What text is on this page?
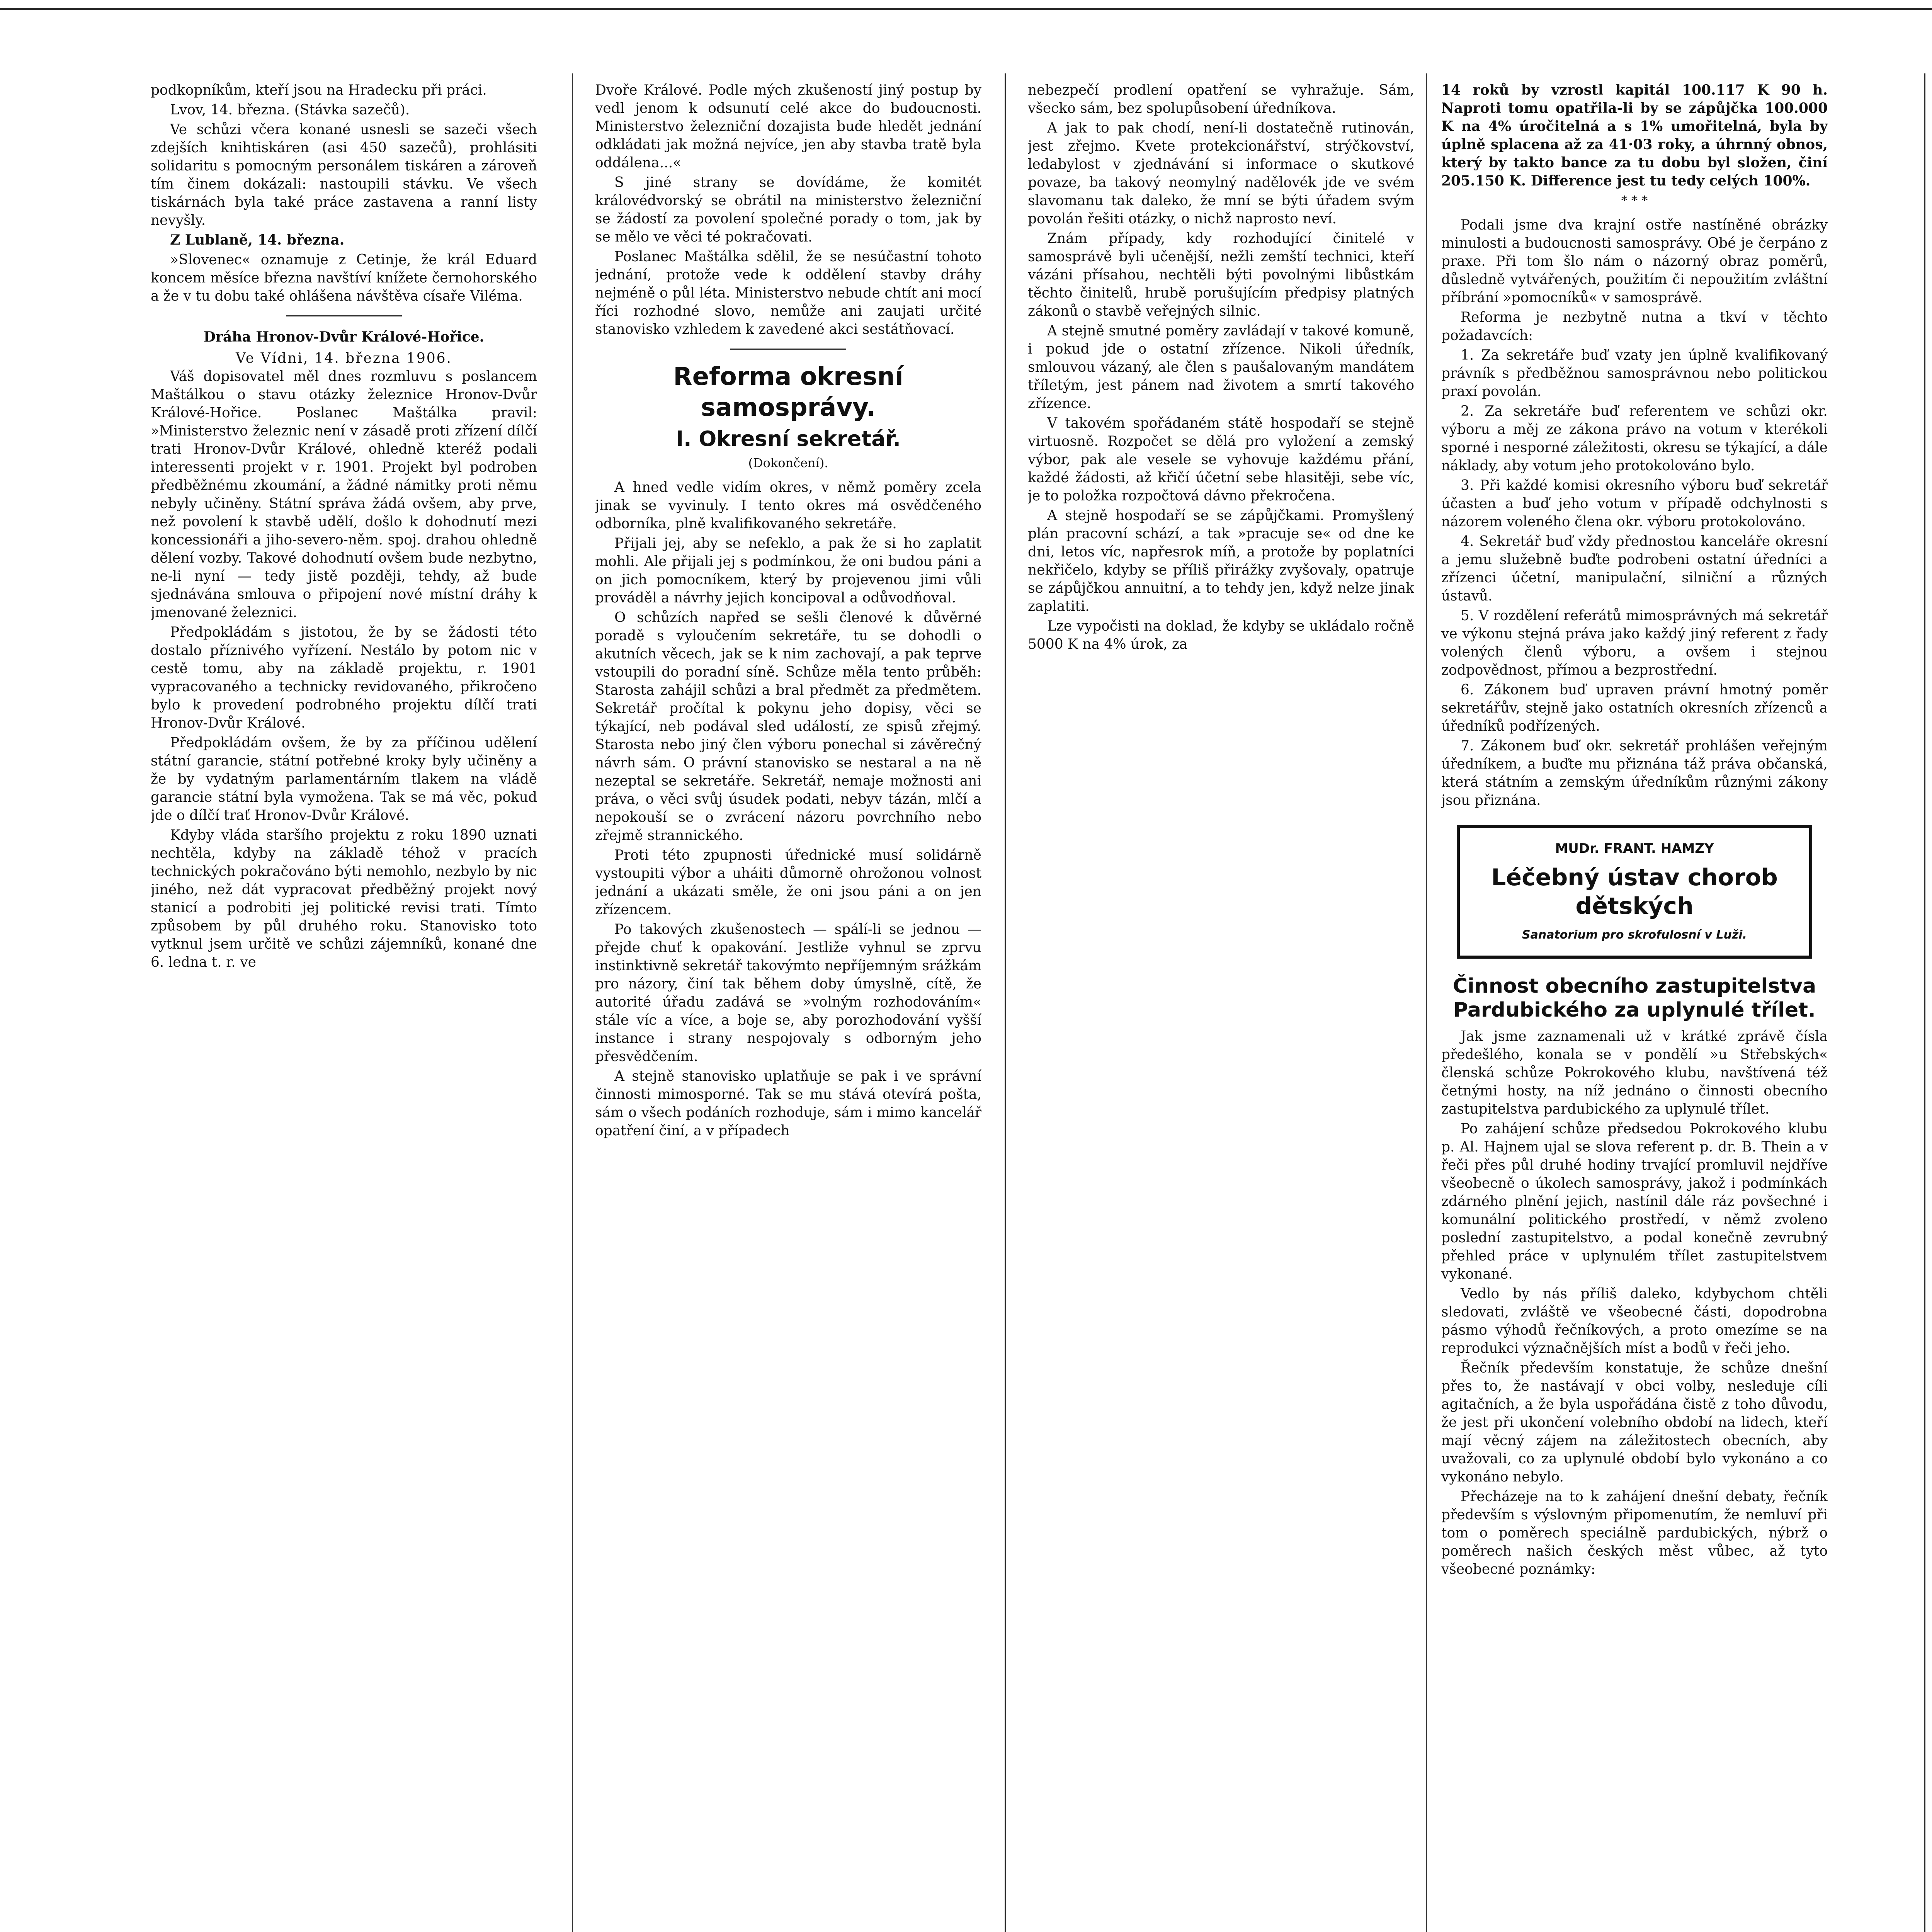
podkopníkům, kteří jsou na Hradecku při práci.

Lvov, 14. března. (Stávka sazečů).

Ve schůzi včera konané usnesli se sazeči všech zdejších knihtiskáren (asi 450 sazečů), prohlásiti solidaritu s pomocným personálem tiskáren a zároveň tím činem dokázali: nastoupili stávku. Ve všech tiskárnách byla také práce zastavena a ranní listy nevyšly.

Z Lublaně, 14. března.

»Slovenec« oznamuje z Cetinje, že král Eduard koncem měsíce března navštíví knížete černohorského a že v tu dobu také ohlášena návštěva císaře Viléma.

Dráha Hronov-Dvůr Králové-Hořice.
Ve Vídni, 14. března 1906.

Váš dopisovatel měl dnes rozmluvu s poslancem Maštálkou o stavu otázky železnice Hronov-Dvůr Králové-Hořice. Poslanec Maštálka pravil: »Ministerstvo železnic není v zásadě proti zřízení dílčí trati Hronov-Dvůr Králové, ohledně kteréž podali interessenti projekt v r. 1901. Projekt byl podroben předběžnému zkoumání, a žádné námitky proti němu nebyly učiněny. Státní správa žádá ovšem, aby prve, než povolení k stavbě udělí, došlo k dohodnutí mezi koncessionáři a jiho-severo-něm. spoj. drahou ohledně dělení vozby. Takové dohodnutí ovšem bude nezbytno, ne-li nyní — tedy jistě později, tehdy, až bude sjednávána smlouva o připojení nové místní dráhy k jmenované železnici.

Předpokládám s jistotou, že by se žádosti této dostalo příznivého vyřízení. Nestálo by potom nic v cestě tomu, aby na základě projektu, r. 1901 vypracovaného a technicky revidovaného, přikročeno bylo k provedení podrobného projektu dílčí trati Hronov-Dvůr Králové.

Předpokládám ovšem, že by za příčinou udělení státní garancie, státní potřebné kroky byly učiněny a že by vydatným parlamentárním tlakem na vládě garancie státní byla vymožena. Tak se má věc, pokud jde o dílčí trať Hronov-Dvůr Králové.

Kdyby vláda staršího projektu z roku 1890 uznati nechtěla, kdyby na základě téhož v pracích technických pokračováno býti nemohlo, nezbylo by nic jiného, než dát vypracovat předběžný projekt nový stanicí a podrobiti jej politické revisi trati. Tímto způsobem by půl druhého roku. Stanovisko toto vytknul jsem určitě ve schůzi zájemníků, konané dne 6. ledna t. r. ve

Dvoře Králové. Podle mých zkušeností jiný postup by vedl jenom k odsunutí celé akce do budoucnosti. Ministerstvo železniční dozajista bude hledět jednání odkládati jak možná nejvíce, jen aby stavba tratě byla oddálena...«

S jiné strany se dovídáme, že komitét královédvorský se obrátil na ministerstvo železniční se žádostí za povolení společné porady o tom, jak by se mělo ve věci té pokračovati.

Poslanec Maštálka sdělil, že se nesúčastní tohoto jednání, protože vede k oddělení stavby dráhy nejméně o půl léta. Ministerstvo nebude chtít ani mocí říci rozhodné slovo, nemůže ani zaujati určité stanovisko vzhledem k zavedené akci sestátňovací.

Reforma okresní samosprávy.
I. Okresní sekretář.
(Dokončení).

A hned vedle vidím okres, v němž poměry zcela jinak se vyvinuly. I tento okres má osvědčeného odborníka, plně kvalifikovaného sekretáře.

Přijali jej, aby se nefeklo, a pak že si ho zaplatit mohli. Ale přijali jej s podmínkou, že oni budou páni a on jich pomocníkem, který by projevenou jimi vůli prováděl a návrhy jejich koncipoval a odůvodňoval.

O schůzích napřed se sešli členové k důvěrné poradě s vyloučením sekretáře, tu se dohodli o akutních věcech, jak se k nim zachovají, a pak teprve vstoupili do poradní síně. Schůze měla tento průběh: Starosta zahájil schůzi a bral předmět za předmětem. Sekretář pročítal k pokynu jeho dopisy, věci se týkající, neb podával sled událostí, ze spisů zřejmý. Starosta nebo jiný člen výboru ponechal si závěrečný návrh sám. O právní stanovisko se nestaral a na ně nezeptal se sekretáře. Sekretář, nemaje možnosti ani práva, o věci svůj úsudek podati, nebyv tázán, mlčí a nepokouší se o zvrácení názoru povrchního nebo zřejmě strannického.

Proti této zpupnosti úřednické musí solidárně vystoupiti výbor a uháiti důmorně ohrožonou volnost jednání a ukázati směle, že oni jsou páni a on jen zřízencem.

Po takových zkušenostech — spálí-li se jednou — přejde chuť k opakování. Jestliže vyhnul se zprvu instinktivně sekretář takovýmto nepříjemným srážkám pro názory, činí tak během doby úmyslně, cítě, že autorité úřadu zadává se »volným rozhodováním« stále víc a více, a boje se, aby porozhodování vyšší instance i strany nespojovaly s odborným jeho přesvědčením.

A stejně stanovisko uplatňuje se pak i ve správní činnosti mimosporné. Tak se mu stává otevírá pošta, sám o všech podáních rozhoduje, sám i mimo kancelář opatření činí, a v případech

nebezpečí prodlení opatření se vyhražuje. Sám, všecko sám, bez spolupůsobení úředníkova.

A jak to pak chodí, není-li dostatečně rutinován, jest zřejmo. Kvete protekcionářství, strýčkovství, ledabylost v zjednávání si informace o skutkové povaze, ba takový neomylný nadělovék jde ve svém slavomanu tak daleko, že mní se býti úřadem svým povolán řešiti otázky, o nichž naprosto neví.

Znám případy, kdy rozhodující činitelé v samosprávě byli učenější, nežli zemští technici, kteří vázáni přísahou, nechtěli býti povolnými libůstkám těchto činitelů, hrubě porušujícím předpisy platných zákonů o stavbě veřejných silnic.

A stejně smutné poměry zavládají v takové komuně, i pokud jde o ostatní zřízence. Nikoli úředník, smlouvou vázaný, ale člen s paušalovaným mandátem tříletým, jest pánem nad životem a smrtí takového zřízence.

V takovém spořádaném státě hospodaří se stejně virtuosně. Rozpočet se dělá pro vyložení a zemský výbor, pak ale vesele se vyhovuje každému přání, každé žádosti, až křičí účetní sebe hlasitěji, sebe víc, je to položka rozpočtová dávno překročena.

A stejně hospodaří se se zápůjčkami. Promyšlený plán pracovní schází, a tak »pracuje se« od dne ke dni, letos víc, napřesrok míň, a protože by poplatníci nekřičelo, kdyby se příliš přirážky zvyšovaly, opatruje se zápůjčkou annuitní, a to tehdy jen, když nelze jinak zaplatiti.

Lze vypočisti na doklad, že kdyby se ukládalo ročně 5000 K na 4% úrok, za

14 roků by vzrostl kapitál 100.117 K 90 h. Naproti tomu opatřila-li by se zápůjčka 100.000 K na 4% úročitelná a s 1% umořitelná, byla by úplně splacena až za 41·03 roky, a úhrnný obnos, který by takto bance za tu dobu byl složen, činí 205.150 K. Difference jest tu tedy celých 100%.

* * *

Podali jsme dva krajní ostře nastíněné obrázky minulosti a budoucnosti samosprávy. Obé je čerpáno z praxe. Při tom šlo nám o názorný obraz poměrů, důsledně vytvářených, použitím či nepoužitím zvláštní příbrání »pomocníků« v samosprávě.

Reforma je nezbytně nutna a tkví v těchto požadavcích:

1. Za sekretáře buď vzaty jen úplně kvalifikovaný právník s předběžnou samosprávnou nebo politickou praxí povolán.

2. Za sekretáře buď referentem ve schůzi okr. výboru a měj ze zákona právo na votum v kterékoli sporné i nesporné záležitosti, okresu se týkající, a dále náklady, aby votum jeho protokolováno bylo.

3. Při každé komisi okresního výboru buď sekretář účasten a buď jeho votum v případě odchylnosti s názorem voleného člena okr. výboru protokolováno.

4. Sekretář buď vždy přednostou kanceláře okresní a jemu služebně buďte podrobeni ostatní úředníci a zřízenci účetní, manipulační, silniční a různých ústavů.

5. V rozdělení referátů mimosprávných má sekretář ve výkonu stejná práva jako každý jiný referent z řady volených členů výboru, a ovšem i stejnou zodpovědnost, přímou a bezprostřední.

6. Zákonem buď upraven právní hmotný poměr sekretářův, stejně jako ostatních okresních zřízenců a úředníků podřízených.

7. Zákonem buď okr. sekretář prohlášen veřejným úředníkem, a buďte mu přiznána táž práva občanská, která státním a zemským úředníkům různými zákony jsou přiznána.

MUDr. FRANT. HAMZY
Léčebný ústav chorob dětských
Sanatorium pro skrofulosní v Luži.
Činnost obecního zastupitelstva Pardubického za uplynulé třílet.

Jak jsme zaznamenali už v krátké zprávě čísla předešlého, konala se v pondělí »u Střebských« členská schůze Pokrokového klubu, navštívená též četnými hosty, na níž jednáno o činnosti obecního zastupitelstva pardubického za uplynulé třílet.

Po zahájení schůze předsedou Pokrokového klubu p. Al. Hajnem ujal se slova referent p. dr. B. Thein a v řeči přes půl druhé hodiny trvající promluvil nejdříve všeobecně o úkolech samosprávy, jakož i podmínkách zdárného plnění jejich, nastínil dále ráz povšechné i komunální politického prostředí, v němž zvoleno poslední zastupitelstvo, a podal konečně zevrubný přehled práce v uplynulém třílet zastupitelstvem vykonané.

Vedlo by nás příliš daleko, kdybychom chtěli sledovati, zvláště ve všeobecné části, dopodrobna pásmo výhodů řečníkových, a proto omezíme se na reprodukci význačnějších míst a bodů v řeči jeho.

Řečník především konstatuje, že schůze dnešní přes to, že nastávají v obci volby, nesleduje cíli agitačních, a že byla uspořádána čistě z toho důvodu, že jest při ukončení volebního období na lidech, kteří mají věcný zájem na záležitostech obecních, aby uvažovali, co za uplynulé období bylo vykonáno a co vykonáno nebylo.

Přecházeje na to k zahájení dnešní debaty, řečník především s výslovným připomenutím, že nemluví při tom o poměrech speciálně pardubických, nýbrž o poměrech našich českých měst vůbec, až tyto všeobecné poznámky:
